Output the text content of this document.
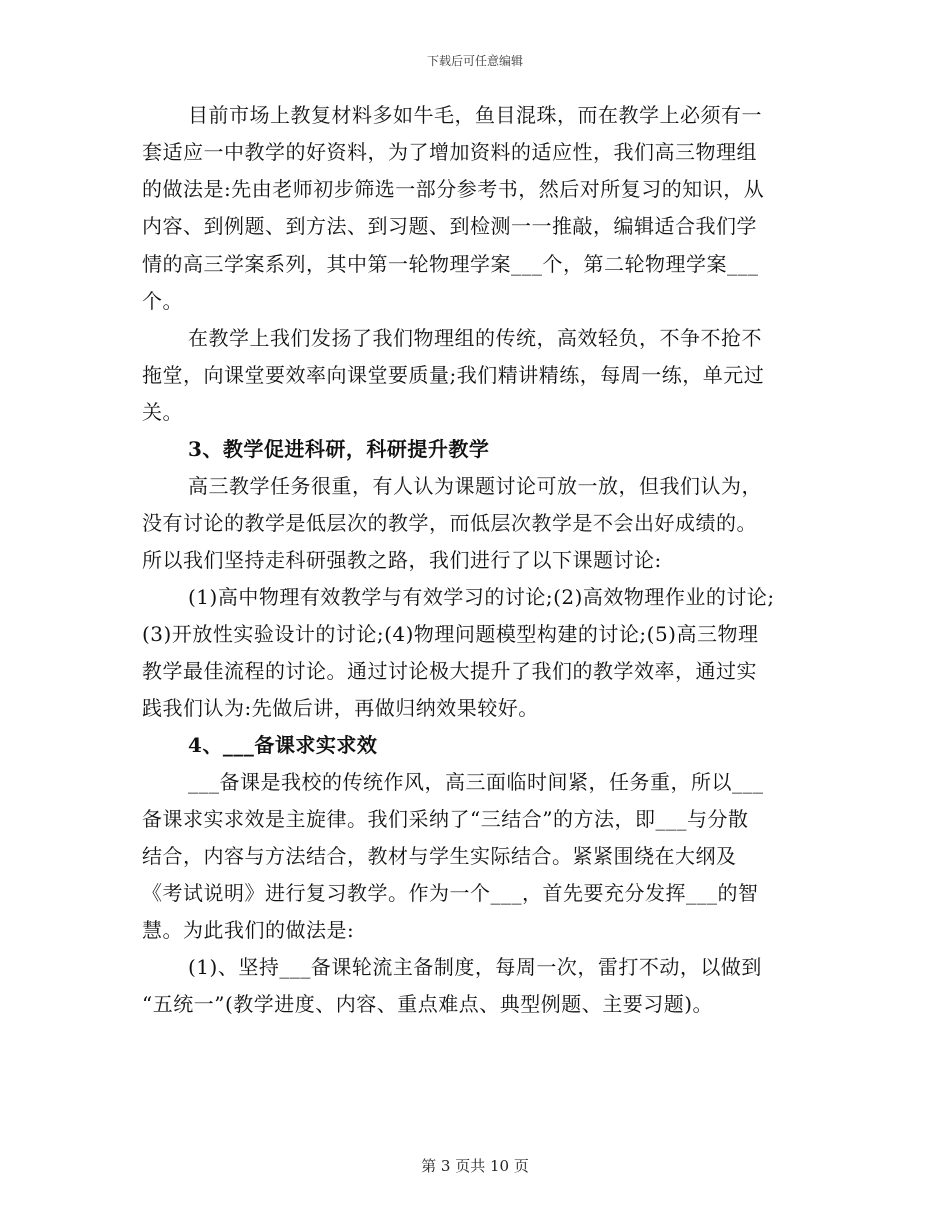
下载后可任意编辑
目前市场上教复材料多如牛毛，鱼目混珠，而在教学上必须有一
套适应一中教学的好资料，为了增加资料的适应性，我们高三物理组
的做法是:先由老师初步筛选一部分参考书，然后对所复习的知识，从
内容、到例题、到方法、到习题、到检测一一推敲，编辑适合我们学
情的高三学案系列，其中第一轮物理学案___个，第二轮物理学案___
个。
在教学上我们发扬了我们物理组的传统，高效轻负，不争不抢不
拖堂，向课堂要效率向课堂要质量;我们精讲精练，每周一练，单元过
关。
3、教学促进科研，科研提升教学
高三教学任务很重，有人认为课题讨论可放一放，但我们认为，
没有讨论的教学是低层次的教学，而低层次教学是不会出好成绩的。
所以我们坚持走科研强教之路，我们进行了以下课题讨论:
(1)高中物理有效教学与有效学习的讨论;(2)高效物理作业的讨论;
(3)开放性实验设计的讨论;(4)物理问题模型构建的讨论;(5)高三物理
教学最佳流程的讨论。通过讨论极大提升了我们的教学效率，通过实
践我们认为:先做后讲，再做归纳效果较好。
4、___备课求实求效
___备课是我校的传统作风，高三面临时间紧，任务重，所以___
备课求实求效是主旋律。我们采纳了“三结合”的方法，即___与分散
结合，内容与方法结合，教材与学生实际结合。紧紧围绕在大纲及
《考试说明》进行复习教学。作为一个___，首先要充分发挥___的智
慧。为此我们的做法是:
(1)、坚持___备课轮流主备制度，每周一次，雷打不动，以做到
“五统一”(教学进度、内容、重点难点、典型例题、主要习题)。
第 3 页共 10 页
